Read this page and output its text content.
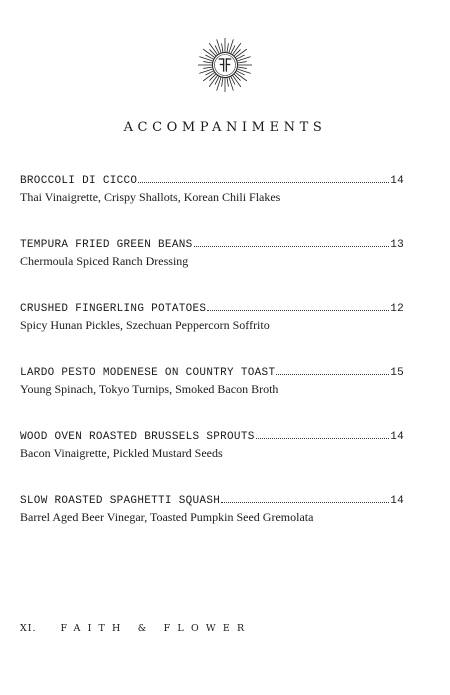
ACCOMPANIMENTS
BROCCOLI DI CICCO	14
Thai Vinaigrette, Crispy Shallots, Korean Chili Flakes
TEMPURA FRIED GREEN BEANS	13
Chermoula Spiced Ranch Dressing
CRUSHED FINGERLING POTATOES	12
Spicy Hunan Pickles, Szechuan Peppercorn Soffrito
LARDO PESTO MODENESE ON COUNTRY TOAST	15
Young Spinach, Tokyo Turnips, Smoked Bacon Broth
WOOD OVEN ROASTED BRUSSELS SPROUTS	14
Bacon Vinaigrette, Pickled Mustard Seeds
SLOW ROASTED SPAGHETTI SQUASH	14
Barrel Aged Beer Vinegar, Toasted Pumpkin Seed Gremolata
XI.	FAITH & FLOWER
